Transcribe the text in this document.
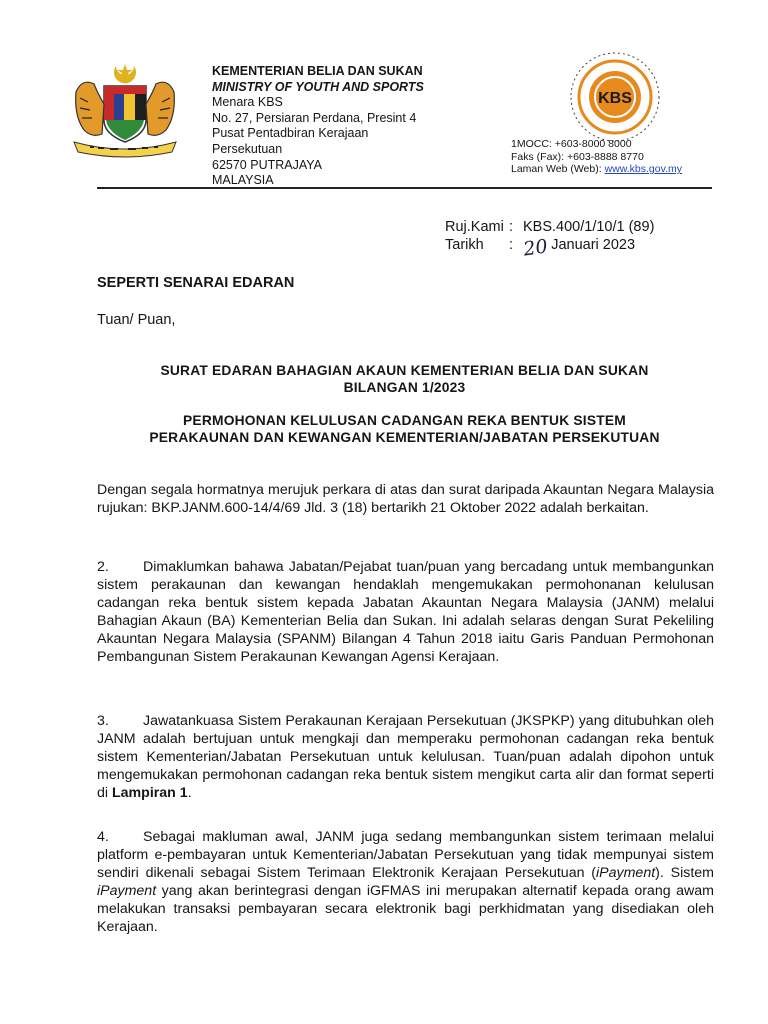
KEMENTERIAN BELIA DAN SUKAN
MINISTRY OF YOUTH AND SPORTS
Menara KBS
No. 27, Persiaran Perdana, Presint 4
Pusat Pentadbiran Kerajaan
Persekutuan
62570 PUTRAJAYA
MALAYSIA
KBS
1MOCC: +603-8000 8000
Faks (Fax): +603-8888 8770
Laman Web (Web): www.kbs.gov.my
Ruj.Kami : KBS.400/1/10/1 (89)
Tarikh	: 20 Januari 2023
SEPERTI SENARAI EDARAN
Tuan/ Puan,
SURAT EDARAN BAHAGIAN AKAUN KEMENTERIAN BELIA DAN SUKAN
BILANGAN 1/2023
PERMOHONAN KELULUSAN CADANGAN REKA BENTUK SISTEM
PERAKAUNAN DAN KEWANGAN KEMENTERIAN/JABATAN PERSEKUTUAN
Dengan segala hormatnya merujuk perkara di atas dan surat daripada Akauntan Negara Malaysia rujukan: BKP.JANM.600-14/4/69 Jld. 3 (18) bertarikh 21 Oktober 2022 adalah berkaitan.
2. Dimaklumkan bahawa Jabatan/Pejabat tuan/puan yang bercadang untuk membangunkan sistem perakaunan dan kewangan hendaklah mengemukakan permohonanan kelulusan cadangan reka bentuk sistem kepada Jabatan Akauntan Negara Malaysia (JANM) melalui Bahagian Akaun (BA) Kementerian Belia dan Sukan. Ini adalah selaras dengan Surat Pekeliling Akauntan Negara Malaysia (SPANM) Bilangan 4 Tahun 2018 iaitu Garis Panduan Permohonan Pembangunan Sistem Perakaunan Kewangan Agensi Kerajaan.
3. Jawatankuasa Sistem Perakaunan Kerajaan Persekutuan (JKSPKP) yang ditubuhkan oleh JANM adalah bertujuan untuk mengkaji dan memperaku permohonan cadangan reka bentuk sistem Kementerian/Jabatan Persekutuan untuk kelulusan. Tuan/puan adalah dipohon untuk mengemukakan permohonan cadangan reka bentuk sistem mengikut carta alir dan format seperti di Lampiran 1.
4. Sebagai makluman awal, JANM juga sedang membangunkan sistem terimaan melalui platform e-pembayaran untuk Kementerian/Jabatan Persekutuan yang tidak mempunyai sistem sendiri dikenali sebagai Sistem Terimaan Elektronik Kerajaan Persekutuan (iPayment). Sistem iPayment yang akan berintegrasi dengan iGFMAS ini merupakan alternatif kepada orang awam melakukan transaksi pembayaran secara elektronik bagi perkhidmatan yang disediakan oleh Kerajaan.
